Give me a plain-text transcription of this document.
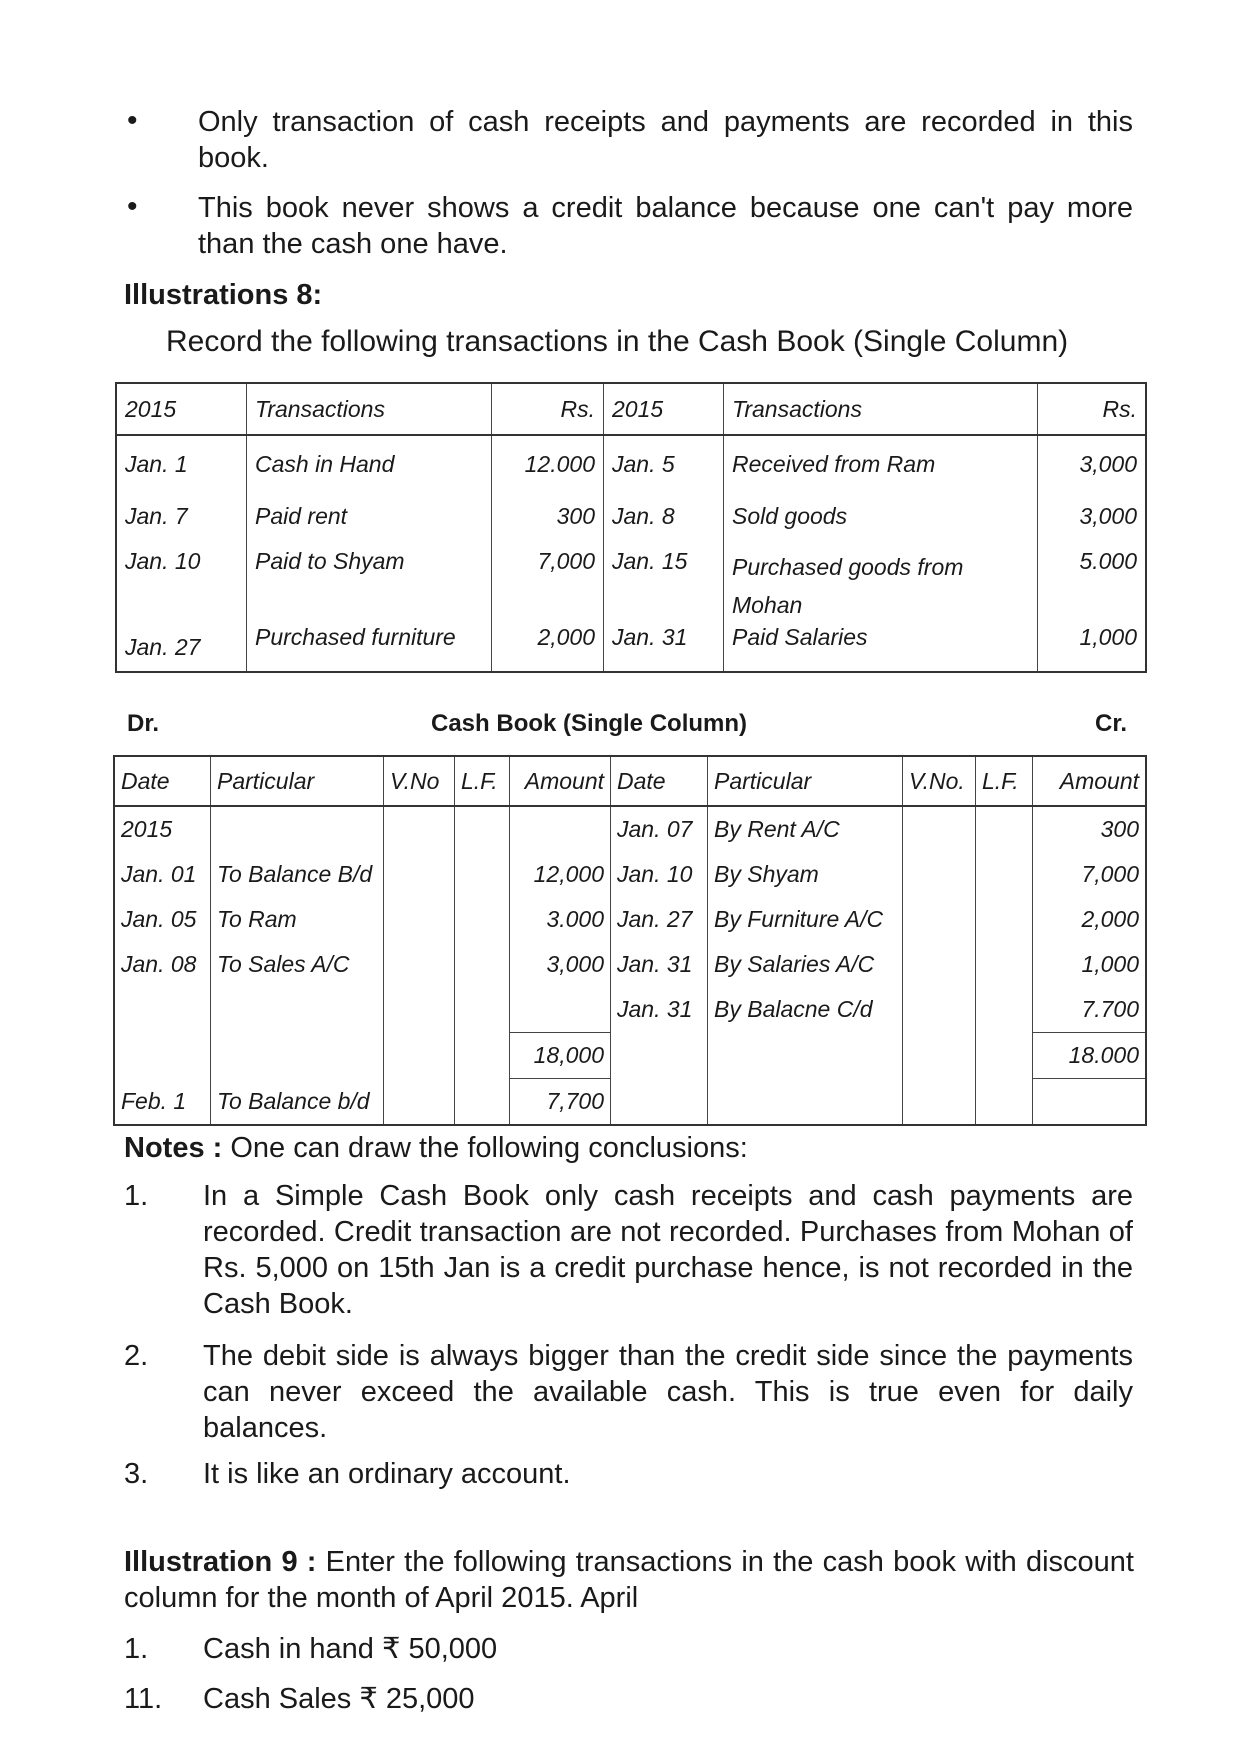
• Only transaction of cash receipts and payments are recorded in this book.
• This book never shows a credit balance because one can't pay more than the cash one have.
Illustrations 8:
Record the following transactions in the Cash Book (Single Column)
2015	Transactions	Rs.	2015	Transactions	Rs.
Jan. 1	Cash in Hand	12.000	Jan. 5	Received from Ram	3,000
Jan. 7	Paid rent	300	Jan. 8	Sold goods	3,000
Jan. 10	Paid to Shyam	7,000	Jan. 15	Purchased goods from Mohan	5.000
Jan. 27	Purchased furniture	2,000	Jan. 31	Paid Salaries	1,000
Dr.	Cash Book (Single Column)	Cr.
Date	Particular	V.No	L.F.	Amount	Date	Particular	V.No.	L.F.	Amount
2015					Jan. 07	By Rent A/C			300
Jan. 01	To Balance B/d			12,000	Jan. 10	By Shyam			7,000
Jan. 05	To Ram			3.000	Jan. 27	By Furniture A/C			2,000
Jan. 08	To Sales A/C			3,000	Jan. 31	By Salaries A/C			1,000
					Jan. 31	By Balacne C/d			7.700
				18,000					18.000
Feb. 1	To Balance b/d			7,700					
Notes : One can draw the following conclusions:
1. In a Simple Cash Book only cash receipts and cash payments are recorded. Credit transaction are not recorded. Purchases from Mohan of Rs. 5,000 on 15th Jan is a credit purchase hence, is not recorded in the Cash Book.
2. The debit side is always bigger than the credit side since the payments can never exceed the available cash. This is true even for daily balances.
3. It is like an ordinary account.
Illustration 9 : Enter the following transactions in the cash book with discount column for the month of April 2015. April
1. Cash in hand ₹ 50,000
11. Cash Sales ₹ 25,000
